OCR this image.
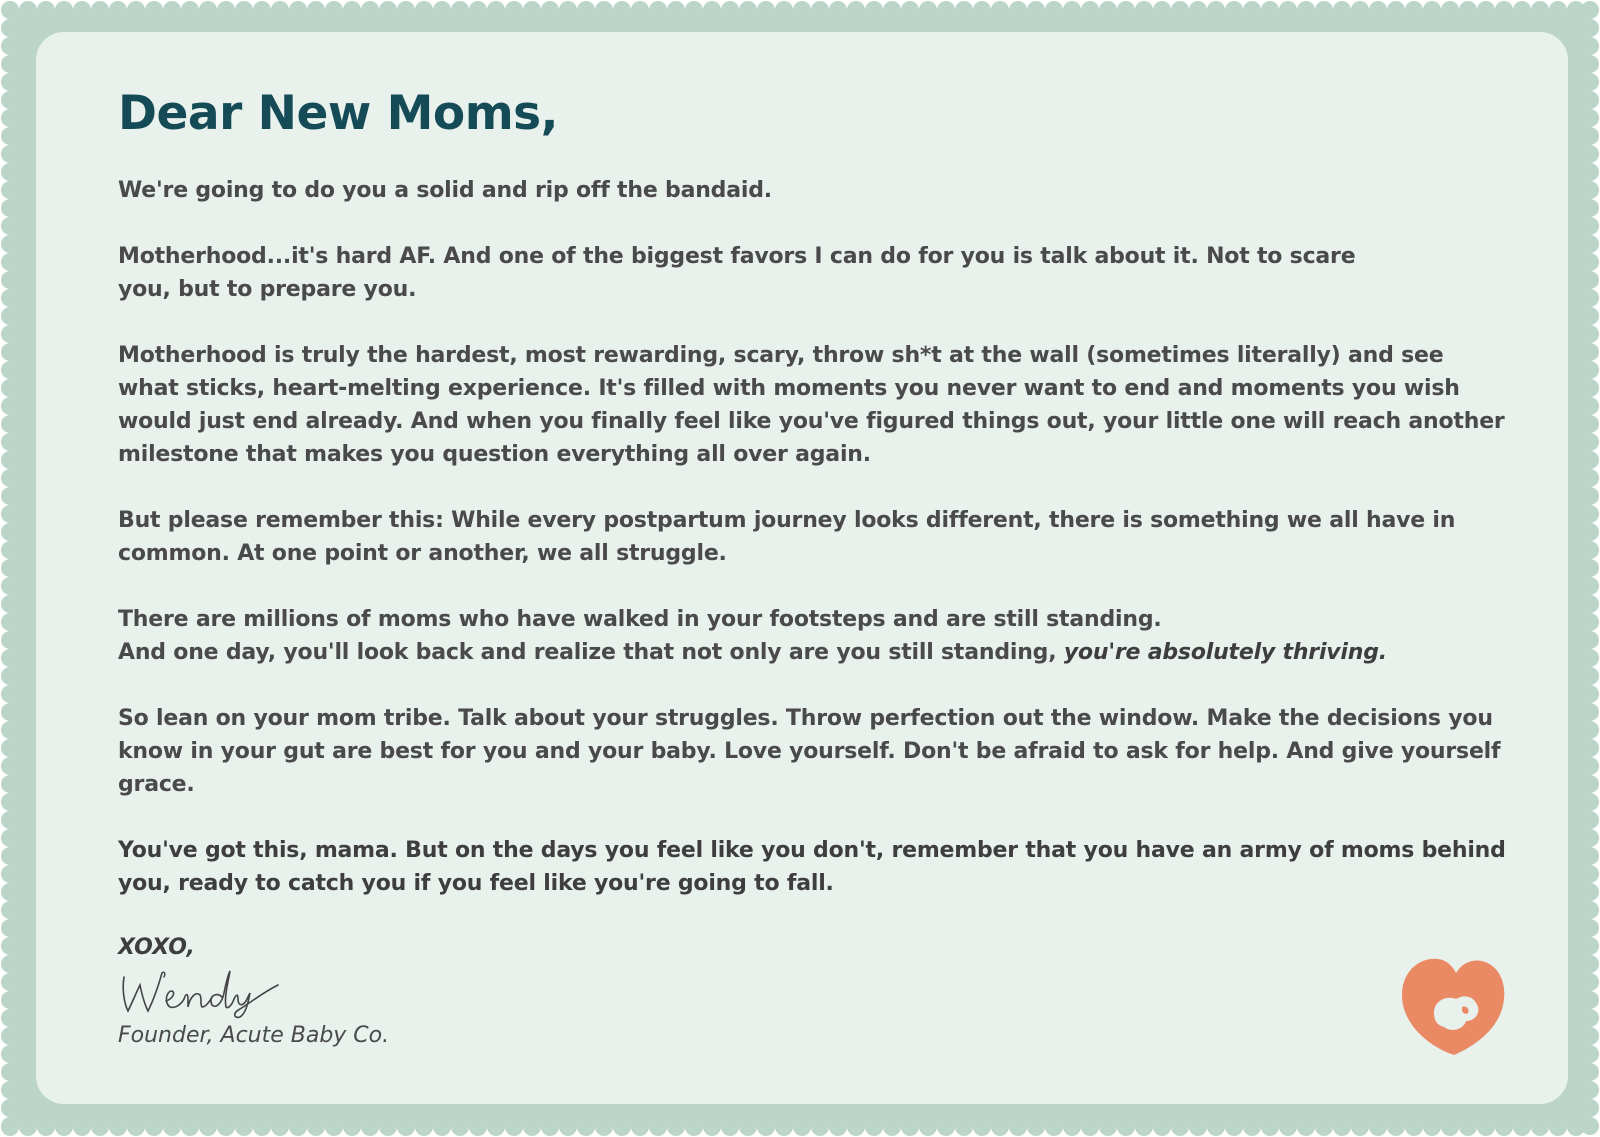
Dear New Moms,

We're going to do you a solid and rip off the bandaid.

Motherhood...it's hard AF. And one of the biggest favors I can do for you is talk about it. Not to scare you, but to prepare you.

Motherhood is truly the hardest, most rewarding, scary, throw sh*t at the wall (sometimes literally) and see what sticks, heart-melting experience. It's filled with moments you never want to end and moments you wish would just end already. And when you finally feel like you've figured things out, your little one will reach another milestone that makes you question everything all over again.

But please remember this: While every postpartum journey looks different, there is something we all have in common. At one point or another, we all struggle.

There are millions of moms who have walked in your footsteps and are still standing.
And one day, you'll look back and realize that not only are you still standing, you're absolutely thriving.

So lean on your mom tribe. Talk about your struggles. Throw perfection out the window. Make the decisions you know in your gut are best for you and your baby. Love yourself. Don't be afraid to ask for help. And give yourself grace.

You've got this, mama. But on the days you feel like you don't, remember that you have an army of moms behind you, ready to catch you if you feel like you're going to fall.

XOXO,
Founder, Acute Baby Co.
